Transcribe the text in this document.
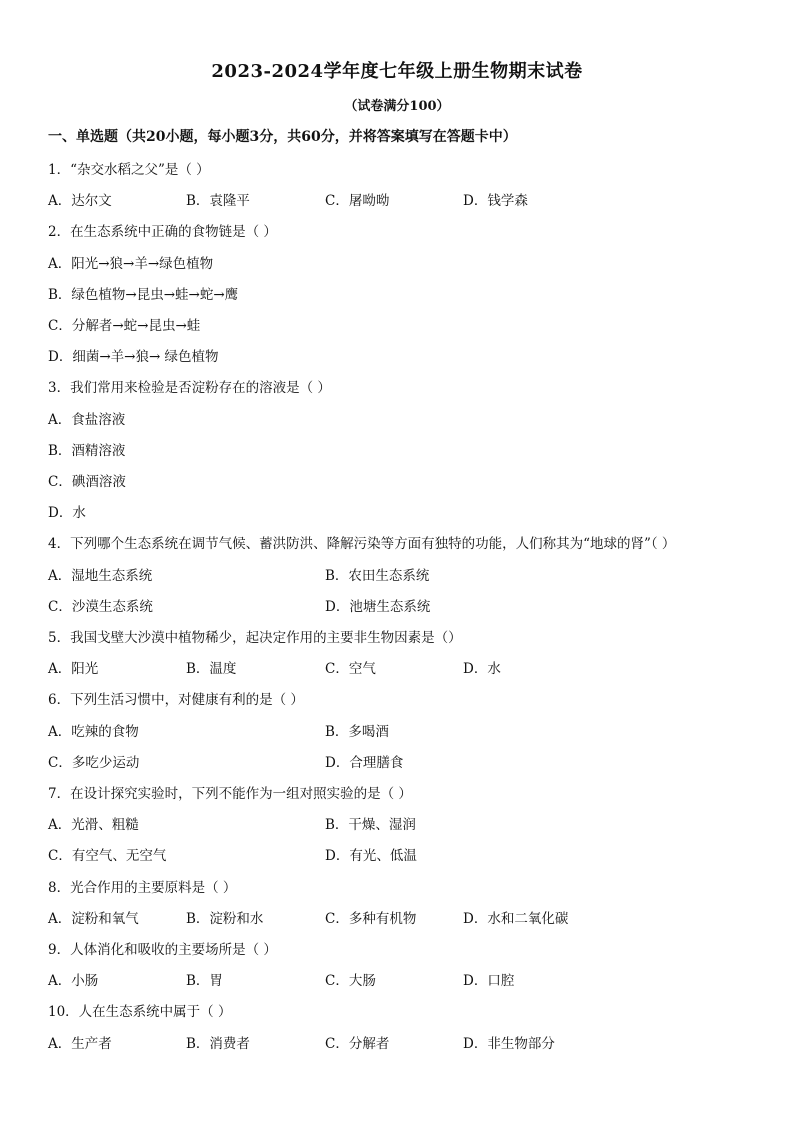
2023-2024学年度七年级上册生物期末试卷
（试卷满分100）
一、单选题（共20小题，每小题3分，共60分，并将答案填写在答题卡中）
1．“杂交水稻之父”是（ ）
A．达尔文	B．袁隆平	C．屠呦呦	D．钱学森
2．在生态系统中正确的食物链是（ ）
A．阳光→狼→羊→绿色植物
B．绿色植物→昆虫→蛙→蛇→鹰
C．分解者→蛇→昆虫→蛙
D．细菌→羊→狼→ 绿色植物
3．我们常用来检验是否淀粉存在的溶液是（ ）
A．食盐溶液
B．酒精溶液
C．碘酒溶液
D．水
4．下列哪个生态系统在调节气候、蓄洪防洪、降解污染等方面有独特的功能，人们称其为“地球的肾”（ ）
A．湿地生态系统	B．农田生态系统
C．沙漠生态系统	D．池塘生态系统
5．我国戈壁大沙漠中植物稀少，起决定作用的主要非生物因素是（）
A．阳光	B．温度	C．空气	D．水
6．下列生活习惯中，对健康有利的是（ ）
A．吃辣的食物	B．多喝酒
C．多吃少运动	D．合理膳食
7．在设计探究实验时，下列不能作为一组对照实验的是（ ）
A．光滑、粗糙	B．干燥、湿润
C．有空气、无空气	D．有光、低温
8．光合作用的主要原料是（ ）
A．淀粉和氧气	B．淀粉和水	C．多种有机物	D．水和二氧化碳
9．人体消化和吸收的主要场所是（ ）
A．小肠	B．胃	C．大肠	D．口腔
10．人在生态系统中属于（ ）
A．生产者	B．消费者	C．分解者	D．非生物部分
